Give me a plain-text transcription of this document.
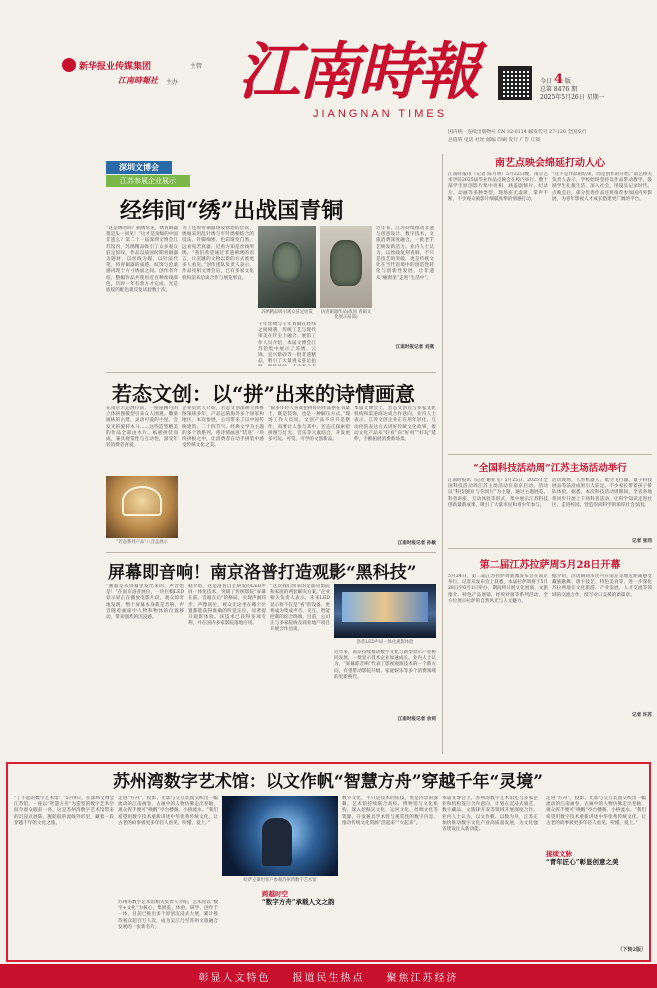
江南時報
JIANGNAN TIMES
新华报业传媒集团	主管
江南時報社 主办	今日 4 版
总第 8476 期
2025年5月26日 星期一
国内统一连续出版物号 CN 32-0114 邮发代号 27-120 全国发行
总值班 电话 社址 邮编 印刷 发行 广告 订阅
深圳文博会
江苏参展企业展示
经纬间“绣”出战国青铜
“这是绣的吗？刺绣常见，绣青铜器很是头一回见！”这才是顶级的中国非遗么？第二十一届深圳文博会江苏馆内，苏绣精品吸引了众多观众驻足惊叹。作品以战国时期青铜器为题材，以丝线为媒、以针法代笔，将青铜器的质感、纹饰与沧桑感再现于方寸绣面之间。创作者介绍，整幅作品共使用近百种丝线颜色，历时一年有余方才完成，光是底纹的配色就反复试验数十次。
为了还原青铜器斑驳锈迹的层次，绣娘采用乱针绣与平针绣相结合的技法，针脚细密、色彩渐变自然，远看宛若真器，近看方知是丝线所绣。“我们希望通过非遗刺绣的语言，让沉睡的文物以新的方式被更多人看见。”创作团队负责人表示，作品亮相文博会后，已有多家文化机构前来洽谈合作与展览事宜。
苏绣精品吸引观众驻足欣赏	仿青铜器作品(战国 青铜文化展示局部)
千年丝绸与千年青铜在经纬之间相遇，传统工艺与现代审美在针尖上融合。展馆工作人员介绍，本届文博会江苏馆集中展示了苏绣、云锦、宜兴紫砂等一批非遗精品，吸引了大量观众驻足拍
近年来，江苏持续推动非遗与创意设计、数字技术、文旅消费深度融合，一批老手艺焕发新活力。业内人士认为，以丝线复刻青铜，不只是技艺的突破，更是传统文化在当代语境中的创造性转化与创新性发展，让非遗从“橱窗里”走进“生活中”。
江南时报记者 刘燕
若态文创：以“拼”出来的诗情画意
在南京若态展位前，一座座精巧的立体拼图模型引来众人围观。雕梁画栋的古建、灵动可爱的小屋、会发光的旋转木马……这些造型精美的作品全部由木片、纸板拼装而成，兼具观赏性与互动性，深受年轻消费者喜爱。
“若态系列产品”八音盒展示
企业负责人介绍，若态文创深耕立体拼图领域多年，产品远销海外多个国家和地区。本次参展，公司带来了以中国传统建筑、二十四节气、经典文学为主题的多个新系列，将诗情画意“装进”一块块拼板之中，让消费者在动手拼装中感受传统文化之美。
“很多年轻人喜欢把拼好的作品摆在书桌上，既是装饰，也是一种解压方式。”现场工作人员说，文创产品不应只是摆件，而要让人参与其中。若态正探索把拼图与灯光、音乐等元素结合，开发更多可玩、可赏、可学的文创新品。
本届文博会上，若态文创还与多家文化机构和渠道商达成合作意向。业内人士表示，江苏文创企业正在用年轻化、互动化的表达方式讲好传统文化故事，推动文化产品从“好看”向“好用”“好玩”延伸，不断拓展消费新场景。
江南时报记者 孙敏
屏幕即音响！南京洛普打造观影“黑科技”
“画面是从屏幕里发出来的，声音也是！”在南京洛普展位，一块巨幅LED显示屏正在播放电影片段，观众惊奇地发现，整个屏幕本身就是音响，声音随着画面中人物和物体的位置移动，带来强烈的沉浸感。
据介绍，这是洛普自主研发的LED声屏一体化技术，突破了传统影院“屏幕在前、音箱在后”的格局，实现声画同步、声像同位，观众无论坐在哪个位置都能获得准确的听觉定位，显著提升观影体验。该技术已获得多项专利，并在国内多家影院落地应用。
“这次我们带来的是面向影院和家庭的两套解决方案。”企业相关负责人表示，未来LED显示将不仅是“看”的设备，更将成为集成声音、交互、智能控制的综合终端。目前，公司正与多家院线及商业地产项目开展合作洽谈。
洛普LED声屏一体化观影体验
近年来，南京持续推动数字文化与新型显示产业协同发展，一批显示技术企业加速成长。业内人士认为，“屏幕即音响”代表了影视观演技术的一个新方向，有望带动影院升级、家庭娱乐等多个消费领域的更新换代。
江南时报记者 余剑
南艺点映会绵延打动人心
江南时报讯（记者 陈月明）5月22日晚，南京艺术学院2025届毕业作品点映会在校内举行。数十部学生原创影片集中亮相，涵盖剧情片、纪录片、动画等多种类型，现场座无虚席，掌声不断，不少观众被影片细腻真挚的情感打动。
“这不是作品的结束，而是创作的开始。”南艺相关负责人表示，学校始终坚持以作品带动教学，鼓励学生扎根生活、深入社会，用镜头记录时代。点映会后，部分优秀作品还将推荐参加国内外影展，为青年影视人才成长搭建更广阔的平台。
“全国科技活动周”江苏主场活动举行
江南时报讯（记者 谢亚飞）5月25日，2025年全国科技活动周江苏主场活动在南京启动。活动以“科技强国 与你同行”为主题，通过主题展览、科普讲座、互动体验等形式，集中展示江苏科技创新最新成果，吸引了大量市民和青少年参与。
活动现场，人形机器人、低空飞行器、量子科技展品等前沿成果引人驻足，不少家长带着孩子排队体验。据悉，本次科技活动周期间，全省各地将同步开展上千场科普活动，让科学知识走进社区、走进校园，营造崇尚科学的浓厚社会氛围。
记者 张同
第二届江苏拉萨周5月28日开幕
5月24日，第二届江苏拉萨周新闻发布会在南京举行。记者从发布会上获悉，本届拉萨周将于5月28日至6月1日举办，期间将开展文化展演、文旅推介、特色产品展销、经贸对接等系列活动，全方位展示拉萨的自然风光与人文魅力。
据介绍，活动期间市民可在南京等地近距离感受藏族歌舞、唐卡技艺、特色美食等，进一步深化苏拉两地在文化旅游、产业发展、人才交流等领域的交流合作，续写对口支援的新篇章。
记者 许苏
苏州湾数字艺术馆：以文作帆“智慧方舟”穿越千年“灵境”
“了不起的数字艺术馆！”5月9日，在深圳文博会江苏馆，一座以“智慧方舟”为造型的数字艺术空间令观众眼前一亮。这是苏州湾数字艺术馆带来的沉浸式展陈，舰船般的流线外形里，藏着一段穿越千年的文化之旅。
走进“方舟”，投影、光影与交互装置交织出一幅流动的江南画卷，古画中的人物仿佛走出卷轴，观众挥手便可“唤醒”亭台楼阁、小桥流水。“我们希望用数字技术重新讲述中华优秀传统文化，让古老的故事被更多年轻人看见、听懂、爱上。”
哈萨克斯坦客户参观苏州湾数字艺术馆
苏州湾数字艺术馆相关负责人介绍，艺术馆以“数字+文化”为核心，集展览、体验、研学、创作于一体，目前已推出多个原创沉浸式大展，累计接待观众超百万人次，成为吴江乃至苏州文旅融合发展的一张新名片。
跨越时空
“数字方舟”承载人文之韵
数字文化，不只是技术的炫技，更是内容的深耕。艺术馆持续联合高校、博物馆与文化机构，深入挖掘吴文化、运河文化、丝绸文化等资源，开发兼具学术性与观赏性的数字内容，推动传统文化资源“活起来”“火起来”。
本届文博会上，苏州湾数字艺术馆还与多家企业和机构签订合作意向，计划在沉浸式演艺、数字藏品、文旅IP开发等领域开展深度合作。业内人士认为，以文作帆、以数为舟，江苏正加快推动数字文化产业高质量发展，为文化强省建设注入新动能。
接续文脉
“青年匠心”彰显创意之美
走进“方舟”，投影、光影与交互装置交织出一幅流动的江南画卷，古画中的人物仿佛走出卷轴，观众挥手便可“唤醒”亭台楼阁、小桥流水。“我们希望用数字技术重新讲述中华优秀传统文化，让古老的故事被更多年轻人看见、听懂、爱上。”
（下转2版）
彰显人文特色 报道民生热点 聚焦江苏经济
